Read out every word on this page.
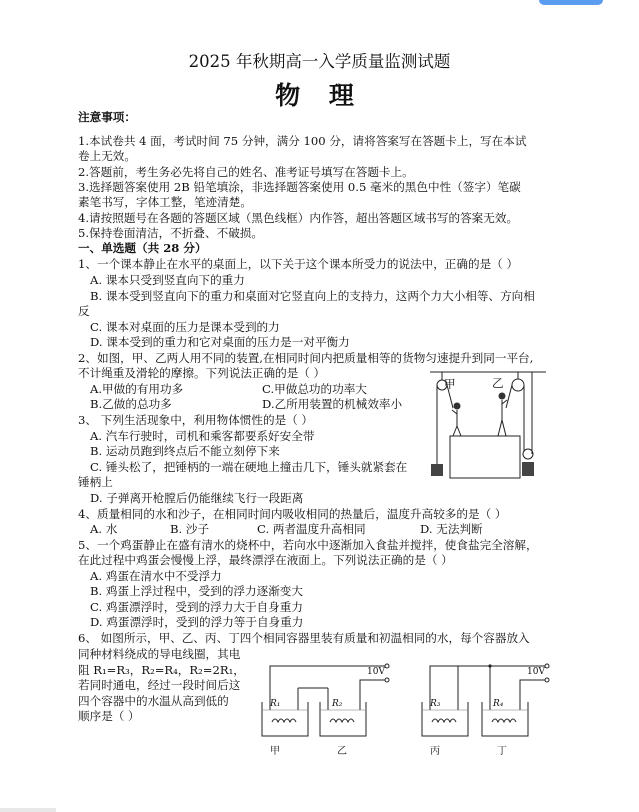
2025 年秋期高一入学质量监测试题
物 理
注意事项：
1.本试卷共 4 面，考试时间 75 分钟，满分 100 分，请将答案写在答题卡上，写在本试
卷上无效。
2.答题前，考生务必先将自己的姓名、准考证号填写在答题卡上。
3.选择题答案使用 2B 铅笔填涂，非选择题答案使用 0.5 毫米的黑色中性（签字）笔碳
素笔书写，字体工整，笔迹清楚。
4.请按照题号在各题的答题区域（黑色线框）内作答，超出答题区域书写的答案无效。
5.保持卷面清洁，不折叠、不破损。
一、单选题（共 28 分）
1、一个课本静止在水平的桌面上，以下关于这个课本所受力的说法中，正确的是（ ）
A. 课本只受到竖直向下的重力
B. 课本受到竖直向下的重力和桌面对它竖直向上的支持力，这两个力大小相等、方向相
反
C. 课本对桌面的压力是课本受到的力
D. 课本受到的重力和它对桌面的压力是一对平衡力
2、如图，甲、乙两人用不同的装置,在相同时间内把质量相等的货物匀速提升到同一平台,
不计绳重及滑轮的摩擦。下列说法正确的是（ ）
A.甲做的有用功多	C.甲做总功的功率大
B.乙做的总功多	D.乙所用装置的机械效率小
甲	乙
3、 下列生活现象中，利用物体惯性的是（ ）
A. 汽车行驶时，司机和乘客都要系好安全带
B. 运动员跑到终点后不能立刻停下来
C. 锤头松了，把锤柄的一端在硬地上撞击几下，锤头就紧套在
锤柄上
D. 子弹离开枪膛后仍能继续飞行一段距离
4、质量相同的水和沙子，在相同时间内吸收相同的热量后，温度升高较多的是（ ）
A. 水	B. 沙子	C. 两者温度升高相同	D. 无法判断
5、一个鸡蛋静止在盛有清水的烧杯中，若向水中逐渐加入食盐并搅拌，使食盐完全溶解，
在此过程中鸡蛋会慢慢上浮，最终漂浮在液面上。下列说法正确的是（ ）
A. 鸡蛋在清水中不受浮力
B. 鸡蛋上浮过程中，受到的浮力逐渐变大
C. 鸡蛋漂浮时，受到的浮力大于自身重力
D. 鸡蛋漂浮时，受到的浮力等于自身重力
6、 如图所示，甲、乙、丙、丁四个相同容器里装有质量和初温相同的水，每个容器放入
同种材料绕成的导电线圈，其电
阻 R₁=R₃，R₂=R₄，R₂=2R₁，
若同时通电，经过一段时间后这
四个容器中的水温从高到低的
顺序是（ ）
10V	10V
R₁	R₂	R₃	R₄
甲	乙	丙	丁
